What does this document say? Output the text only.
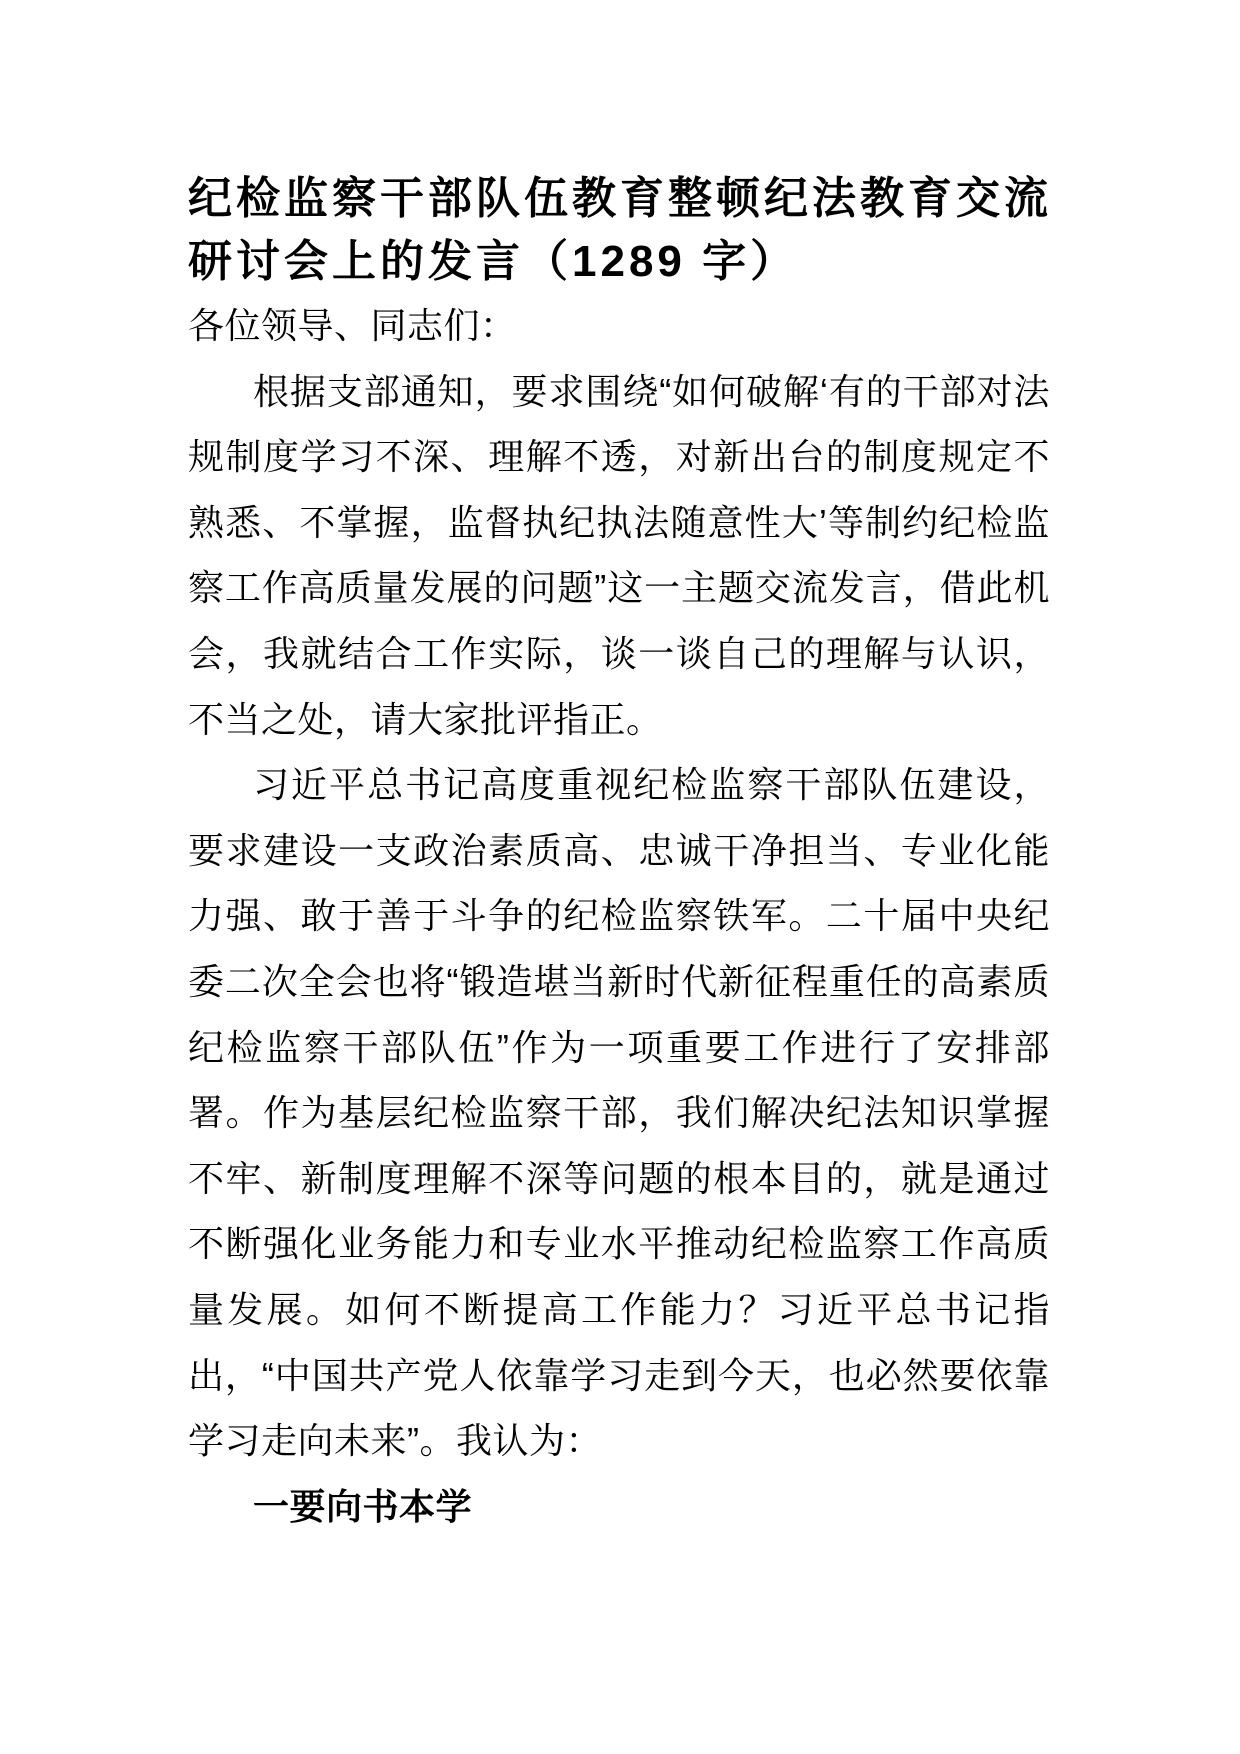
纪检监察干部队伍教育整顿纪法教育交流
研讨会上的发言（1289 字）

各位领导、同志们：

根据支部通知，要求围绕“如何破解‘有的干部对法规制度学习不深、理解不透，对新出台的制度规定不熟悉、不掌握，监督执纪执法随意性大’等制约纪检监察工作高质量发展的问题”这一主题交流发言，借此机会，我就结合工作实际，谈一谈自己的理解与认识，不当之处，请大家批评指正。

习近平总书记高度重视纪检监察干部队伍建设，要求建设一支政治素质高、忠诚干净担当、专业化能力强、敢于善于斗争的纪检监察铁军。二十届中央纪委二次全会也将“锻造堪当新时代新征程重任的高素质纪检监察干部队伍”作为一项重要工作进行了安排部署。作为基层纪检监察干部，我们解决纪法知识掌握不牢、新制度理解不深等问题的根本目的，就是通过不断强化业务能力和专业水平推动纪检监察工作高质量发展。如何不断提高工作能力？习近平总书记指出，“中国共产党人依靠学习走到今天，也必然要依靠学习走向未来”。我认为：

一要向书本学
